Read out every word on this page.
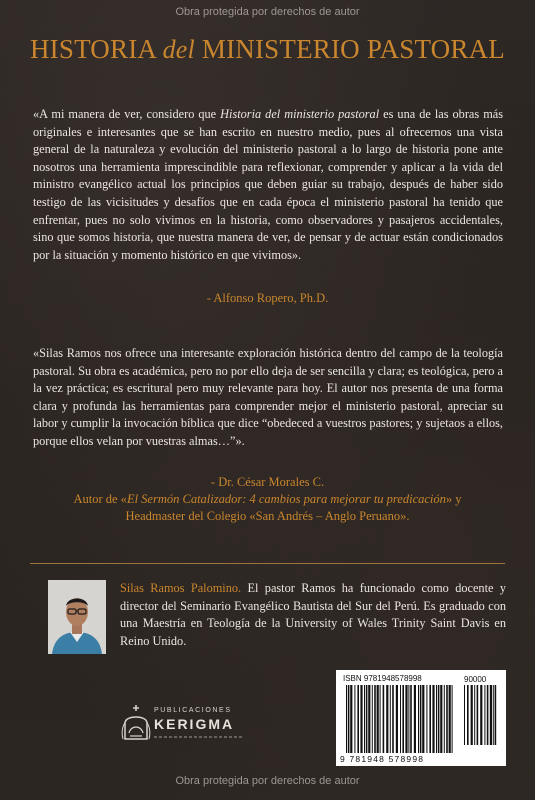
Obra protegida por derechos de autor
HISTORIA del MINISTERIO PASTORAL
«A mi manera de ver, considero que Historia del ministerio pastoral es una de las obras más originales e interesantes que se han escrito en nuestro medio, pues al ofrecernos una vista general de la naturaleza y evolución del ministerio pastoral a lo largo de historia pone ante nosotros una herramienta imprescindible para reflexionar, comprender y aplicar a la vida del ministro evangélico actual los principios que deben guiar su trabajo, después de haber sido testigo de las vicisitudes y desafíos que en cada época el ministerio pastoral ha tenido que enfrentar, pues no solo vivimos en la historia, como observadores y pasajeros accidentales, sino que somos historia, que nuestra manera de ver, de pensar y de actuar están condicionados por la situación y momento histórico en que vivimos».
- Alfonso Ropero, Ph.D.
«Silas Ramos nos ofrece una interesante exploración histórica dentro del campo de la teología pastoral. Su obra es académica, pero no por ello deja de ser sencilla y clara; es teológica, pero a la vez práctica; es escritural pero muy relevante para hoy. El autor nos presenta de una forma clara y profunda las herramientas para comprender mejor el ministerio pastoral, apreciar su labor y cumplir la invocación bíblica que dice “obedeced a vuestros pastores; y sujetaos a ellos, porque ellos velan por vuestras almas…”».
- Dr. César Morales C.
Autor de «El Sermón Catalizador: 4 cambios para mejorar tu predicación» y
Headmaster del Colegio «San Andrés – Anglo Peruano».
Silas Ramos Palomino. El pastor Ramos ha funcionado como docente y director del Seminario Evangélico Bautista del Sur del Perú. Es graduado con una Maestría en Teología de la University of Wales Trinity Saint Davis en Reino Unido.
PUBLICACIONES
KERIGMA
ISBN 9781948578998	90000
9 781948 578998
Obra protegida por derechos de autor
